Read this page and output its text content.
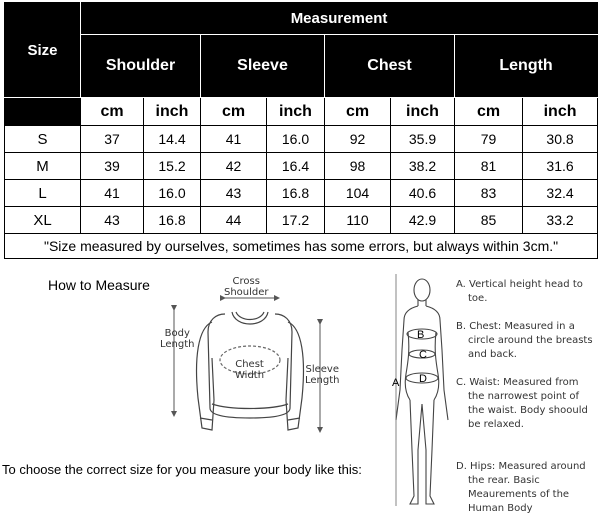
Size	Measurement							
	Shoulder		Sleeve		Chest		Length	
	cm	inch	cm	inch	cm	inch	cm	inch
S	37	14.4	41	16.0	92	35.9	79	30.8
M	39	15.2	42	16.4	98	38.2	81	31.6
L	41	16.0	43	16.8	104	40.6	83	32.4
XL	43	16.8	44	17.2	110	42.9	85	33.2
"Size measured by ourselves, sometimes has some errors, but always within 3cm."								
How to Measure	Cross
Shoulder
Body
Length
Chest
Width
Sleeve
Length
To choose the correct size for you measure your body like this:
A
B
C
D
A. Vertical height head to toe.
B. Chest: Measured in a circle around the breasts and back.
C. Waist: Measured from the narrowest point of the waist. Body shoould be relaxed.
D. Hips: Measured around the rear. Basic Meaurements of the Human Body
